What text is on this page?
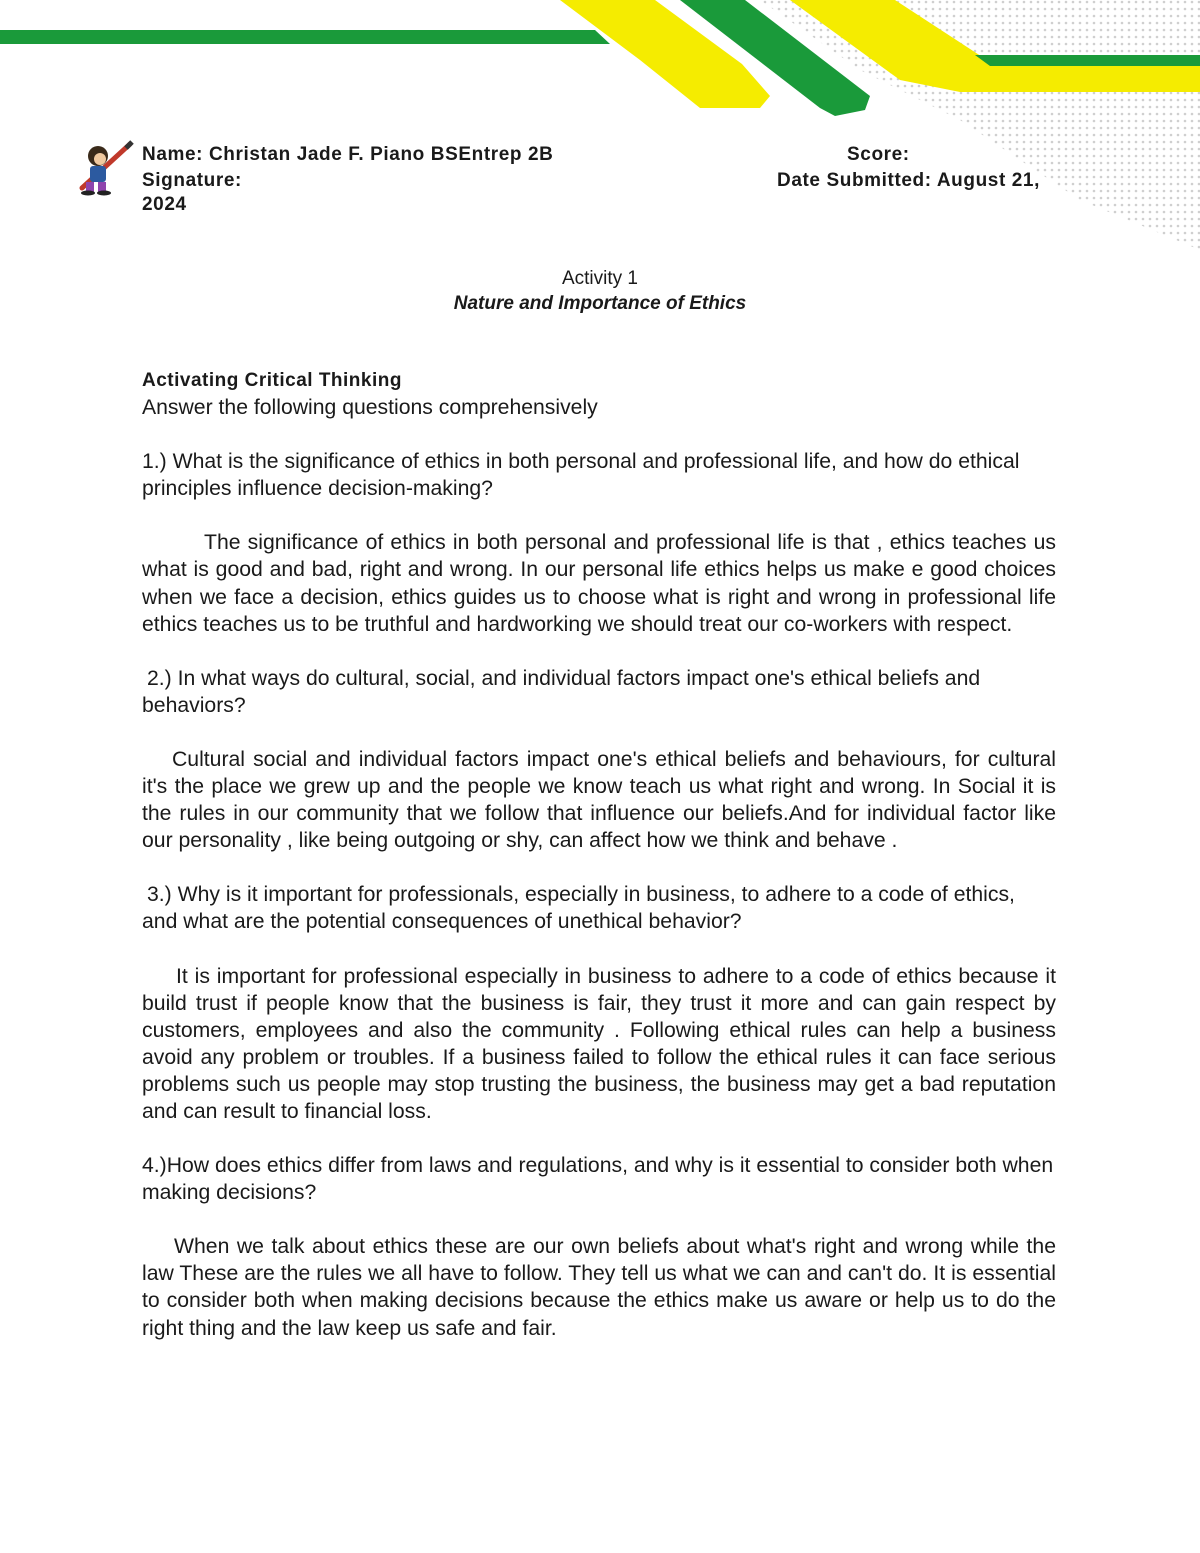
Name: Christan Jade F. Piano BSEntrep 2B	Score:
Signature:	Date Submitted: August 21,
2024
Activity 1
Nature and Importance of Ethics

Activating Critical Thinking

Answer the following questions comprehensively

1.) What is the significance of ethics in both personal and professional life, and how do ethical principles influence decision-making?

The significance of ethics in both personal and professional life is that , ethics teaches us what is good and bad, right and wrong. In our personal life ethics helps us make e good choices when we face a decision, ethics guides us to choose what is right and wrong in professional life ethics teaches us to be truthful and hardworking we should treat our co-workers with respect.

2.) In what ways do cultural, social, and individual factors impact one's ethical beliefs and behaviors?

Cultural social and individual factors impact one's ethical beliefs and behaviours, for cultural it's the place we grew up and the people we know teach us what right and wrong. In Social it is the rules in our community that we follow that influence our beliefs.And for individual factor like our personality , like being outgoing or shy, can affect how we think and behave .

3.) Why is it important for professionals, especially in business, to adhere to a code of ethics, and what are the potential consequences of unethical behavior?

It is important for professional especially in business to adhere to a code of ethics because it build trust if people know that the business is fair, they trust it more and can gain respect by customers, employees and also the community . Following ethical rules can help a business avoid any problem or troubles. If a business failed to follow the ethical rules it can face serious problems such us people may stop trusting the business, the business may get a bad reputation and can result to financial loss.

4.)How does ethics differ from laws and regulations, and why is it essential to consider both when making decisions?

When we talk about ethics these are our own beliefs about what's right and wrong while the law These are the rules we all have to follow. They tell us what we can and can't do. It is essential to consider both when making decisions because the ethics make us aware or help us to do the right thing and the law keep us safe and fair.
